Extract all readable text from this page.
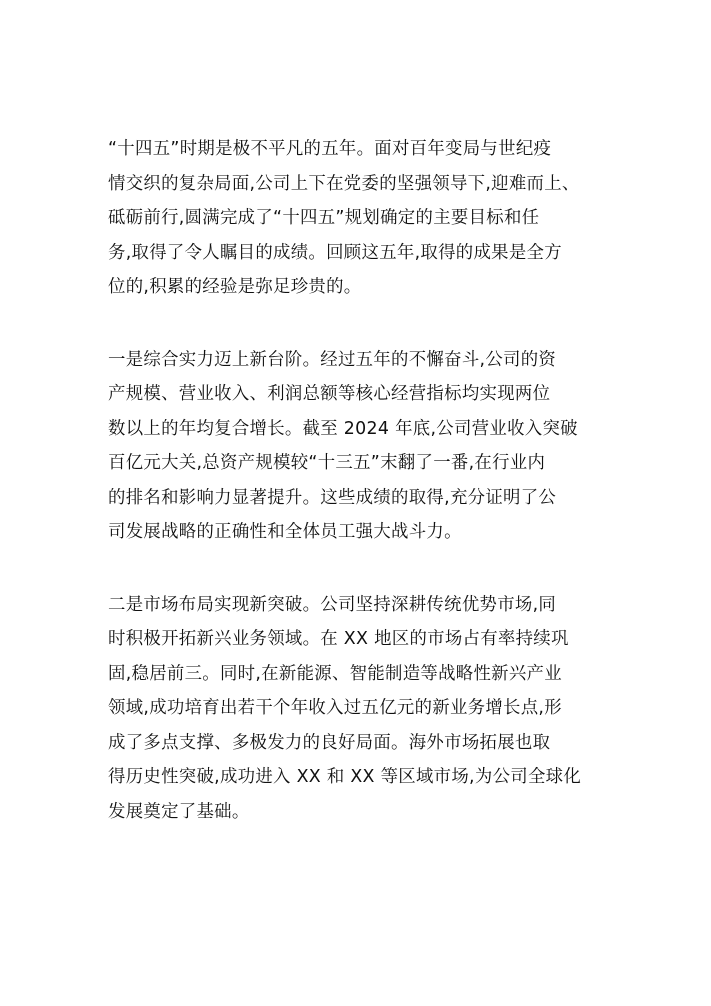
“十四五”时期是极不平凡的五年。面对百年变局与世纪疫
情交织的复杂局面,公司上下在党委的坚强领导下,迎难而上、
砥砺前行,圆满完成了“十四五”规划确定的主要目标和任
务,取得了令人瞩目的成绩。回顾这五年,取得的成果是全方
位的,积累的经验是弥足珍贵的。
一是综合实力迈上新台阶。经过五年的不懈奋斗,公司的资
产规模、营业收入、利润总额等核心经营指标均实现两位
数以上的年均复合增长。截至 2024 年底,公司营业收入突破
百亿元大关,总资产规模较“十三五”末翻了一番,在行业内
的排名和影响力显著提升。这些成绩的取得,充分证明了公
司发展战略的正确性和全体员工强大战斗力。
二是市场布局实现新突破。公司坚持深耕传统优势市场,同
时积极开拓新兴业务领域。在 XX 地区的市场占有率持续巩
固,稳居前三。同时,在新能源、智能制造等战略性新兴产业
领域,成功培育出若干个年收入过五亿元的新业务增长点,形
成了多点支撑、多极发力的良好局面。海外市场拓展也取
得历史性突破,成功进入 XX 和 XX 等区域市场,为公司全球化
发展奠定了基础。
